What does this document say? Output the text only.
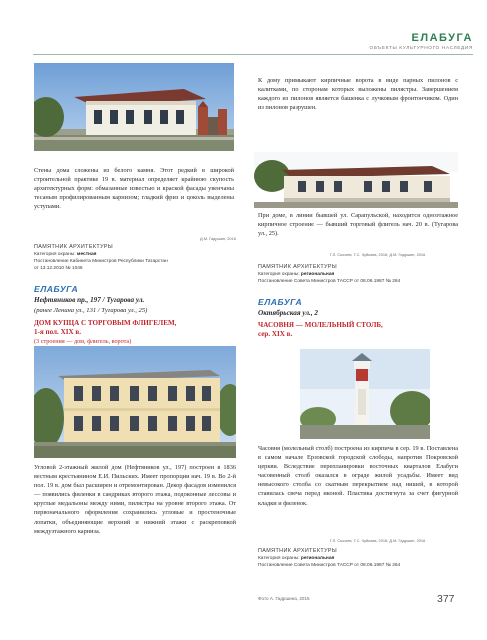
ЕЛАБУГА
ОБЪЕКТЫ КУЛЬТУРНОГО НАСЛЕДИЯ
К дому примыкают кирпичные ворота в виде парных пилонов с калитками, по сторонам которых выложены пилястры. Завершением каждого из пилонов является башенка с лучковым фронтончиком. Один из пилонов разрушен.
Стены дома сложены из белого камня. Этот редкий в широкой строительной практике 19 в. материал определяет крайнюю скупость архитектурных форм: обмазанные известью и краской фасады увенчаны тесаным профилированным карнизом; гладкий фриз и цоколь выделены уступами.
Д.М. Гадршин, 2016
ПАМЯТНИК АРХИТЕКТУРЫ
Категория охраны: местная
Постановление Кабинета Министров Республики Татарстан
от 13.12.2010 № 1046
ЕЛАБУГА
Нефтяников пр., 197 / Тугарова ул.
(ранее Ленина ул., 131 / Тугарова ул., 25)
ДОМ КУПЦА С ТОРГОВЫМ ФЛИГЕЛЕМ,
1-я пол. XIX в.
(3 строения — дом, флигель, ворота)
При доме, в линии бывшей ул. Сарапульской, находится одноэтажное кирпичное строение — бывший торговый флигель нач. 20 в. (Тугарова ул., 25).
Г.Л. Сысоев, Т.С. Чуйкова, 2016; Д.М. Гадршин, 2016
ПАМЯТНИК АРХИТЕКТУРЫ
Категория охраны: региональная
Постановление Совета Министров ТАССР от 08.06.1987 № 264
ЕЛАБУГА
Октябрьская ул., 2
ЧАСОВНЯ — МОЛЕЛЬНЫЙ СТОЛБ,
сер. XIX в.
Угловой 2-этажный жилой дом (Нефтяников ул., 197) построен в 1836 вестным крестьянином Е.И. Пильских. Имеет пропорции нач. 19 в. Во 2-й пол. 19 в. дом был расширен и отремонтирован. Декор фасадов изменился — появились филенки в сандриках второго этажа, подоконные лессовы и круглые медальоны между ними, пилястры на уровне второго этажа. От первоначального оформления сохранились угловые и простеночные лопатки, объединяющие верхний и нижний этажи с раскреповкой междуэтажного карниза.
Часовня (молельный столб) построена из кирпича в сер. 19 в. Поставлена в самом начале Ерзовской городской слободы, напротив Покровской церкви. Вследствие перепланировки восточных кварталов Елабуги часовенный столб оказался в ограде жилой усадьбы. Имеет вид невысокого столба со скатным перекрытием над нишей, в которой ставилась свеча перед иконой. Пластика достигнута за счет фигурной кладки и филенок.
Г.Л. Сысоев, Т.С. Чуйкова, 2016; Д.М. Гадршин, 2016
ПАМЯТНИК АРХИТЕКТУРЫ
Категория охраны: региональная
Постановление Совета Министров ТАССР от 08.06.1987 № 264
Фото А. Гадршина, 2015	377
